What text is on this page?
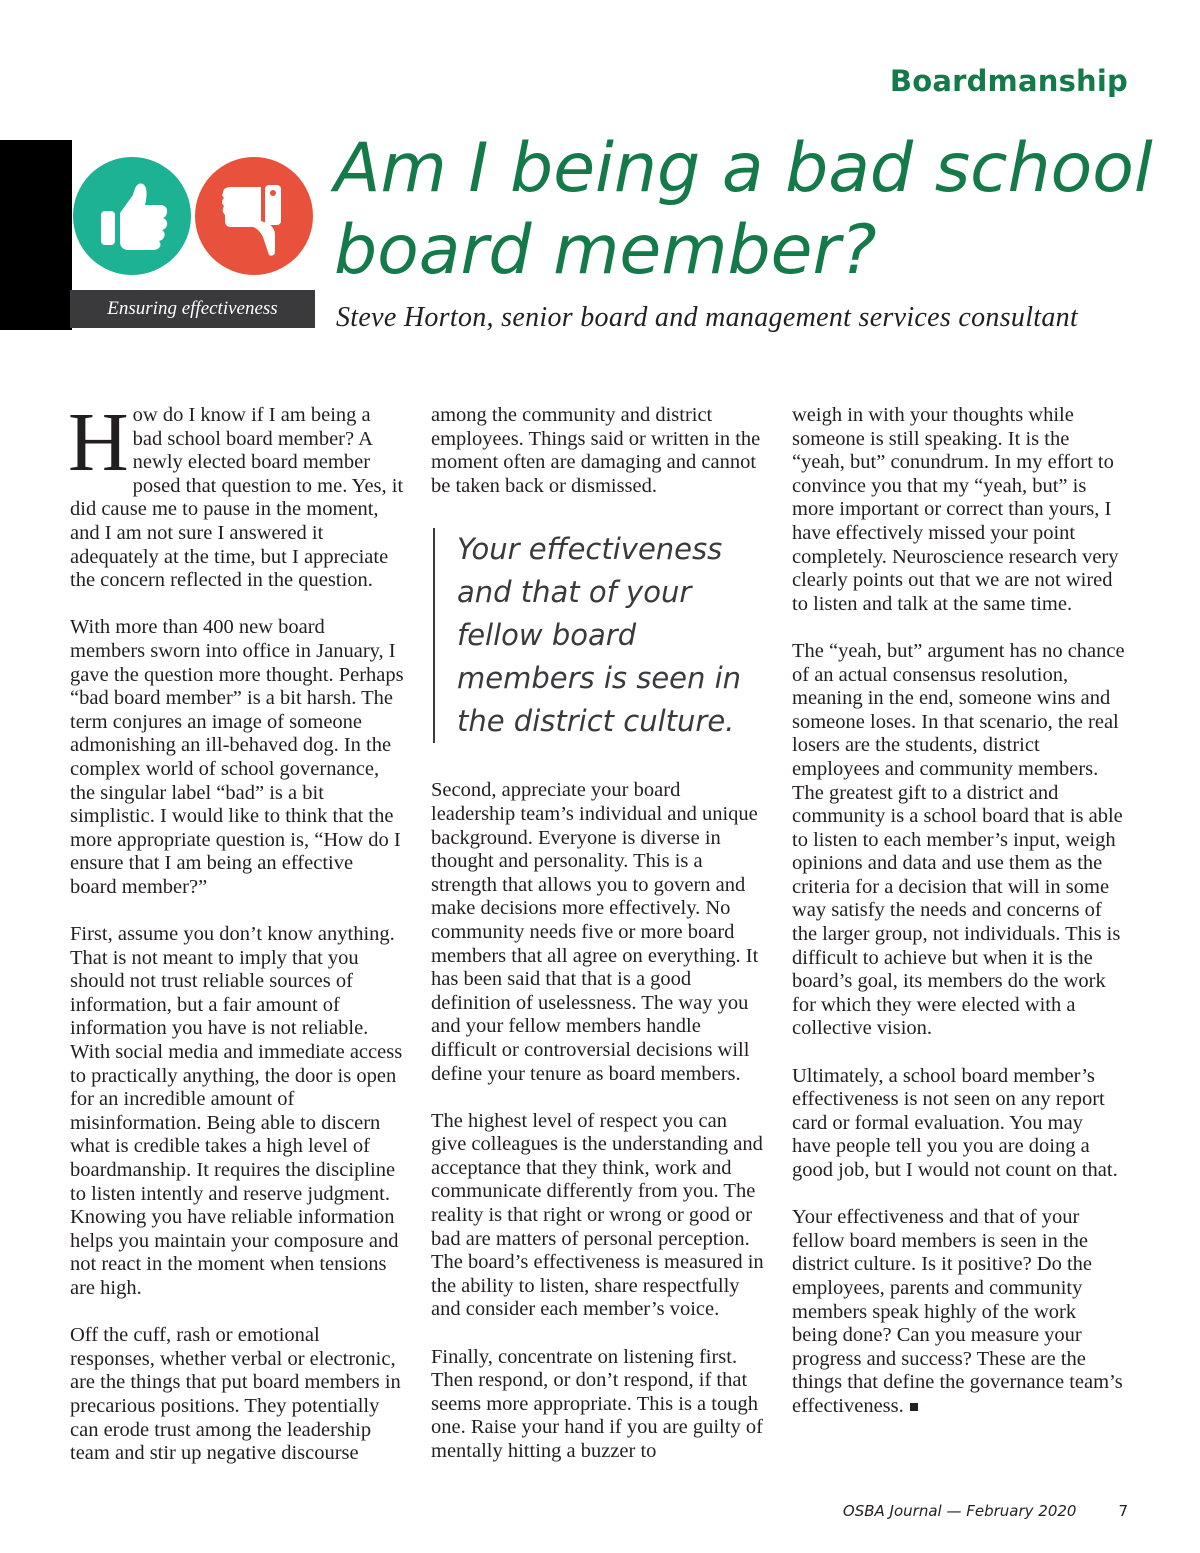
Boardmanship
Ensuring effectiveness
Am I being a bad school board member?
Steve Horton, senior board and management services consultant

How do I know if I am being a bad school board member? A newly elected board member posed that question to me. Yes, it did cause me to pause in the moment, and I am not sure I answered it adequately at the time, but I appreciate the concern reflected in the question.

With more than 400 new board members sworn into office in January, I gave the question more thought. Perhaps “bad board member” is a bit harsh. The term conjures an image of someone admonishing an ill-behaved dog. In the complex world of school governance, the singular label “bad” is a bit simplistic. I would like to think that the more appropriate question is, “How do I ensure that I am being an effective board member?”

First, assume you don’t know anything. That is not meant to imply that you should not trust reliable sources of information, but a fair amount of information you have is not reliable. With social media and immediate access to practically anything, the door is open for an incredible amount of misinformation. Being able to discern what is credible takes a high level of boardmanship. It requires the discipline to listen intently and reserve judgment. Knowing you have reliable information helps you maintain your composure and not react in the moment when tensions are high.

Off the cuff, rash or emotional responses, whether verbal or electronic, are the things that put board members in precarious positions. They potentially can erode trust among the leadership team and stir up negative discourse

among the community and district employees. Things said or written in the moment often are damaging and cannot be taken back or dismissed.

Your effectiveness and that of your fellow board members is seen in the district culture.

Second, appreciate your board leadership team’s individual and unique background. Everyone is diverse in thought and personality. This is a strength that allows you to govern and make decisions more effectively. No community needs five or more board members that all agree on everything. It has been said that that is a good definition of uselessness. The way you and your fellow members handle difficult or controversial decisions will define your tenure as board members.

The highest level of respect you can give colleagues is the understanding and acceptance that they think, work and communicate differently from you. The reality is that right or wrong or good or bad are matters of personal perception. The board’s effectiveness is measured in the ability to listen, share respectfully and consider each member’s voice.

Finally, concentrate on listening first. Then respond, or don’t respond, if that seems more appropriate. This is a tough one. Raise your hand if you are guilty of mentally hitting a buzzer to

weigh in with your thoughts while someone is still speaking. It is the “yeah, but” conundrum. In my effort to convince you that my “yeah, but” is more important or correct than yours, I have effectively missed your point completely. Neuroscience research very clearly points out that we are not wired to listen and talk at the same time.

The “yeah, but” argument has no chance of an actual consensus resolution, meaning in the end, someone wins and someone loses. In that scenario, the real losers are the students, district employees and community members. The greatest gift to a district and community is a school board that is able to listen to each member’s input, weigh opinions and data and use them as the criteria for a decision that will in some way satisfy the needs and concerns of the larger group, not individuals. This is difficult to achieve but when it is the board’s goal, its members do the work for which they were elected with a collective vision.

Ultimately, a school board member’s effectiveness is not seen on any report card or formal evaluation. You may have people tell you you are doing a good job, but I would not count on that.

Your effectiveness and that of your fellow board members is seen in the district culture. Is it positive? Do the employees, parents and community members speak highly of the work being done? Can you measure your progress and success? These are the things that define the governance team’s effectiveness.

OSBA Journal — February 2020	7
